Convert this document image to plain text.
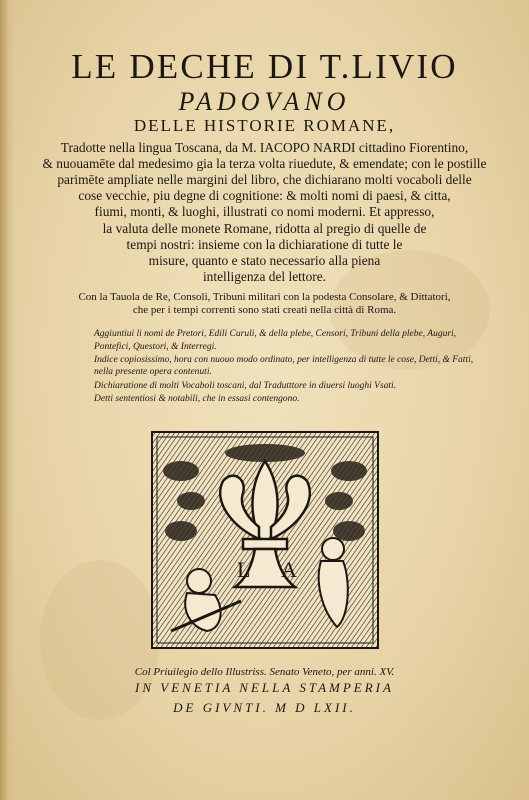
LE DECHE DI T.LIVIO
PADOVANO
DELLE HISTORIE ROMANE,
Tradotte nella lingua Toscana, da M. IACOPO NARDI cittadino Fiorentino,
& nuouamēte dal medesimo gia la terza volta riuedute, & emendate; con le postille
parimēte ampliate nelle margini del libro, che dichiarano molti vocaboli delle
cose vecchie, piu degne di cognitione: & molti nomi di paesi, & citta,
fiumi, monti, & luoghi, illustrati co nomi moderni. Et appresso,
la valuta delle monete Romane, ridotta al pregio di quelle de
tempi nostri: insieme con la dichiaratione di tutte le
misure, quanto e stato necessario alla piena
intelligenza del lettore.
Con la Tauola de Re, Consoli, Tribuni militari con la podesta Consolare, & Dittatori,
che per i tempi correnti sono stati creati nella città di Roma.
Aggiuntiui li nomi de Pretori, Edili Curuli, & della plebe, Censori, Tribuni della plebe, Auguri,
Pontefici, Questori, & Interregi.
Indice copiosissimo, hora con nuouo modo ordinato, per intelligenza di tutte le cose, Detti, & Fatti,
nella presente opera contenuti.
Dichiaratione di molti Vocaboli toscani, dal Tradutttore in diuersi luoghi Vsati.
Detti sententiosi & notabili, che in essasi contengono.
L A
Col Priuilegio dello Illustriss. Senato Veneto, per anni. XV.
IN VENETIA NELLA STAMPERIA
DE GIVNTI. M D LXII.
